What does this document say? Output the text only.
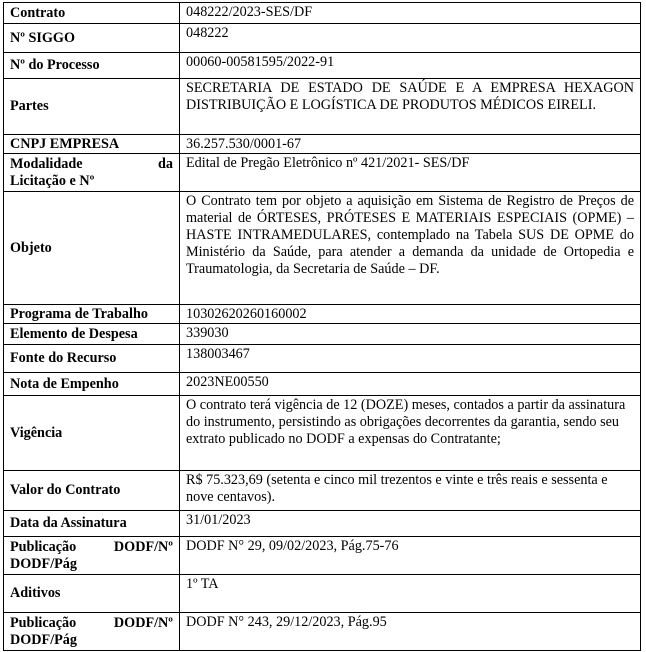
Contrato	048222/2023-SES/DF
Nº SIGGO	048222
Nº do Processo	00060-00581595/2022-91
Partes	SECRETARIA DE ESTADO DE SAÚDE E A EMPRESA HEXAGON DISTRIBUIÇÃO E LOGÍSTICA DE PRODUTOS MÉDICOS EIRELI.
CNPJ EMPRESA	36.257.530/0001-67

Modalidade da
Licitação e Nº	Edital de Pregão Eletrônico nº 421/2021- SES/DF
Objeto	O Contrato tem por objeto a aquisição em Sistema de Registro de Preços de material de ÓRTESES, PRÓTESES E MATERIAIS ESPECIAIS (OPME) – HASTE INTRAMEDULARES, contemplado na Tabela SUS DE OPME do Ministério da Saúde, para atender a demanda da unidade de Ortopedia e Traumatologia, da Secretaria de Saúde – DF.
Programa de Trabalho	10302620260160002
Elemento de Despesa	339030
Fonte do Recurso	138003467
Nota de Empenho	2023NE00550
Vigência	O contrato terá vigência de 12 (DOZE) meses, contados a partir da assinatura do instrumento, persistindo as obrigações decorrentes da garantia, sendo seu extrato publicado no DODF a expensas do Contratante;
Valor do Contrato	R$ 75.323,69 (setenta e cinco mil trezentos e vinte e três reais e sessenta e nove centavos).
Data da Assinatura	31/01/2023

Publicação DODF/Nº
DODF/Pág	DODF N° 29, 09/02/2023, Pág.75-76
Aditivos	1º TA

Publicação DODF/Nº
DODF/Pág	DODF N° 243, 29/12/2023, Pág.95
